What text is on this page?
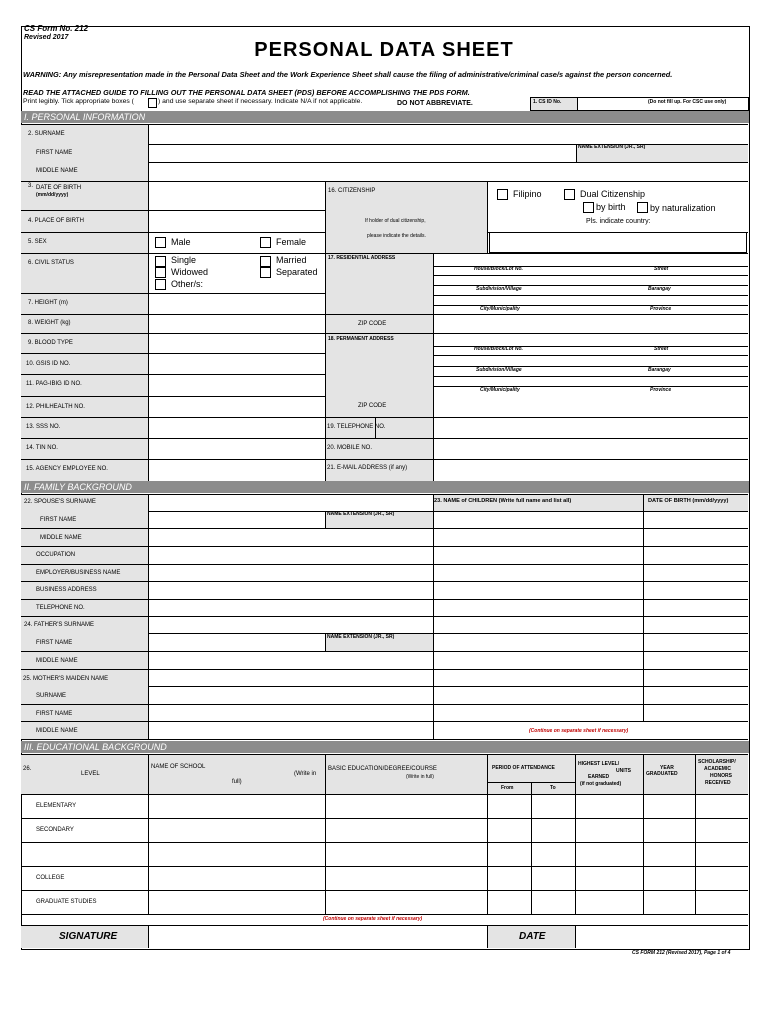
CS Form No. 212
Revised 2017
PERSONAL DATA SHEET
WARNING: Any misrepresentation made in the Personal Data Sheet and the Work Experience Sheet shall cause the filing of administrative/criminal case/s against the person concerned.
READ THE ATTACHED GUIDE TO FILLING OUT THE PERSONAL DATA SHEET (PDS) BEFORE ACCOMPLISHING THE PDS FORM.
Print legibly. Tick appropriate boxes (	) and use separate sheet if necessary. Indicate N/A if not applicable.	DO NOT ABBREVIATE.	1. CS ID No.	(Do not fill up. For CSC use only)
I. PERSONAL INFORMATION
2. SURNAME
FIRST NAME
MIDDLE NAME
NAME EXTENSION (JR., SR)
3. DATE OF BIRTH
(mm/dd/yyyy)
4. PLACE OF BIRTH
5. SEX	Male	Female
6. CIVIL STATUS	Single	Married
Widowed	Separated
Other/s:
7. HEIGHT (m)
8. WEIGHT (kg)
9. BLOOD TYPE
10. GSIS ID NO.
11. PAG-IBIG ID NO.
12. PHILHEALTH NO.
13. SSS NO.
14. TIN NO.
15. AGENCY EMPLOYEE NO.
16. CITIZENSHIP
If holder of dual citizenship,
please indicate the details.
Filipino	Dual Citizenship
by birth	by naturalization
Pls. indicate country:
17. RESIDENTIAL ADDRESS
House/Block/Lot No.	Street
Subdivision/Village	Barangay
City/Municipality	Province
ZIP CODE
18. PERMANENT ADDRESS
House/Block/Lot No.	Street
Subdivision/Village	Barangay
City/Municipality	Province
ZIP CODE
19. TELEPHONE NO.
20. MOBILE NO.
21. E-MAIL ADDRESS (if any)
II. FAMILY BACKGROUND
22. SPOUSE'S SURNAME
FIRST NAME
MIDDLE NAME
NAME EXTENSION (JR., SR)
OCCUPATION
EMPLOYER/BUSINESS NAME
BUSINESS ADDRESS
TELEPHONE NO.
24. FATHER'S SURNAME
FIRST NAME
NAME EXTENSION (JR., SR)
MIDDLE NAME
25. MOTHER'S MAIDEN NAME
SURNAME
FIRST NAME
MIDDLE NAME
23. NAME of CHILDREN (Write full name and list all)	DATE OF BIRTH (mm/dd/yyyy)
(Continue on separate sheet if necessary)
III. EDUCATIONAL BACKGROUND
26.
LEVEL
NAME OF SCHOOL
(Write in
full)
BASIC EDUCATION/DEGREE/COURSE
(Write in full)
PERIOD OF ATTENDANCE
From	To
HIGHEST LEVEL/
UNITS
EARNED
(if not graduated)
YEAR
GRADUATED
SCHOLARSHIP/
ACADEMIC
HONORS
RECEIVED
ELEMENTARY
SECONDARY
COLLEGE
GRADUATE STUDIES
(Continue on separate sheet if necessary)
SIGNATURE	DATE
CS FORM 212 (Revised 2017), Page 1 of 4
